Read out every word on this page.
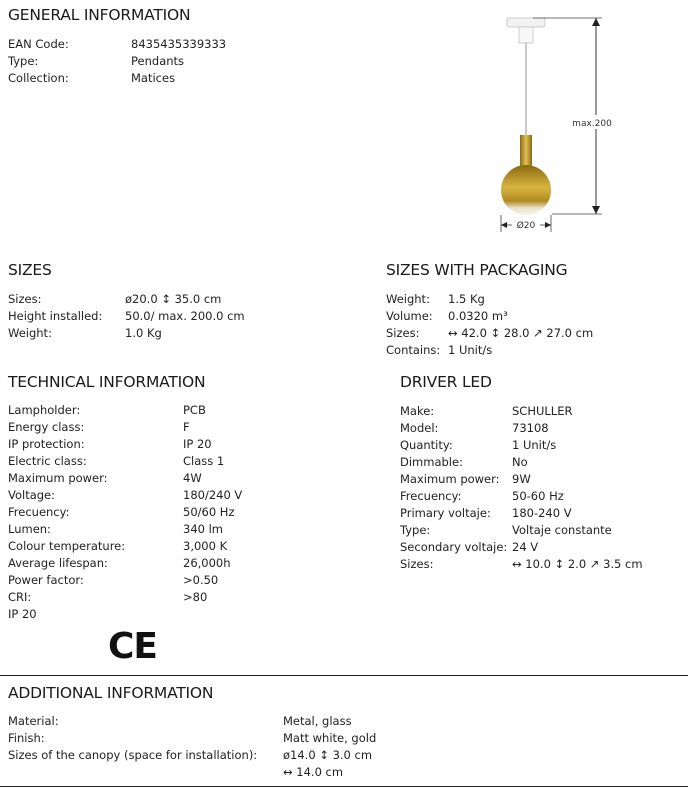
GENERAL INFORMATION
EAN Code:	8435435339333
Type:	Pendants
Collection:	Matices
max.200
Ø20
SIZES
Sizes:	ø20.0 ↕ 35.0 cm
Height installed: 50.0/ max. 200.0 cm
Weight:	1.0 Kg
SIZES WITH PACKAGING
Weight: 1.5 Kg
Volume: 0.0320 m³
Sizes: ↔ 42.0 ↕ 28.0 ↗ 27.0 cm
Contains: 1 Unit/s
TECHNICAL INFORMATION
Lampholder:	PCB
Energy class:	F
IP protection:	IP 20
Electric class:	Class 1
Maximum power:	4W
Voltage:	180/240 V
Frecuency:	50/60 Hz
Lumen:	340 lm
Colour temperature:	3,000 K
Average lifespan:	26,000h
Power factor:	>0.50
CRI:	>80
IP 20
CE
DRIVER LED
Make:	SCHULLER
Model:	73108
Quantity:	1 Unit/s
Dimmable:	No
Maximum power: 9W
Frecuency:	50-60 Hz
Primary voltaje: 180-240 V
Type:	Voltaje constante
Secondary voltaje: 24 V
Sizes:	↔ 10.0 ↕ 2.0 ↗ 3.5 cm
ADDITIONAL INFORMATION
Material:	Metal, glass
Finish:	Matt white, gold
Sizes of the canopy (space for installation): ø14.0 ↕ 3.0 cm
↔ 14.0 cm
